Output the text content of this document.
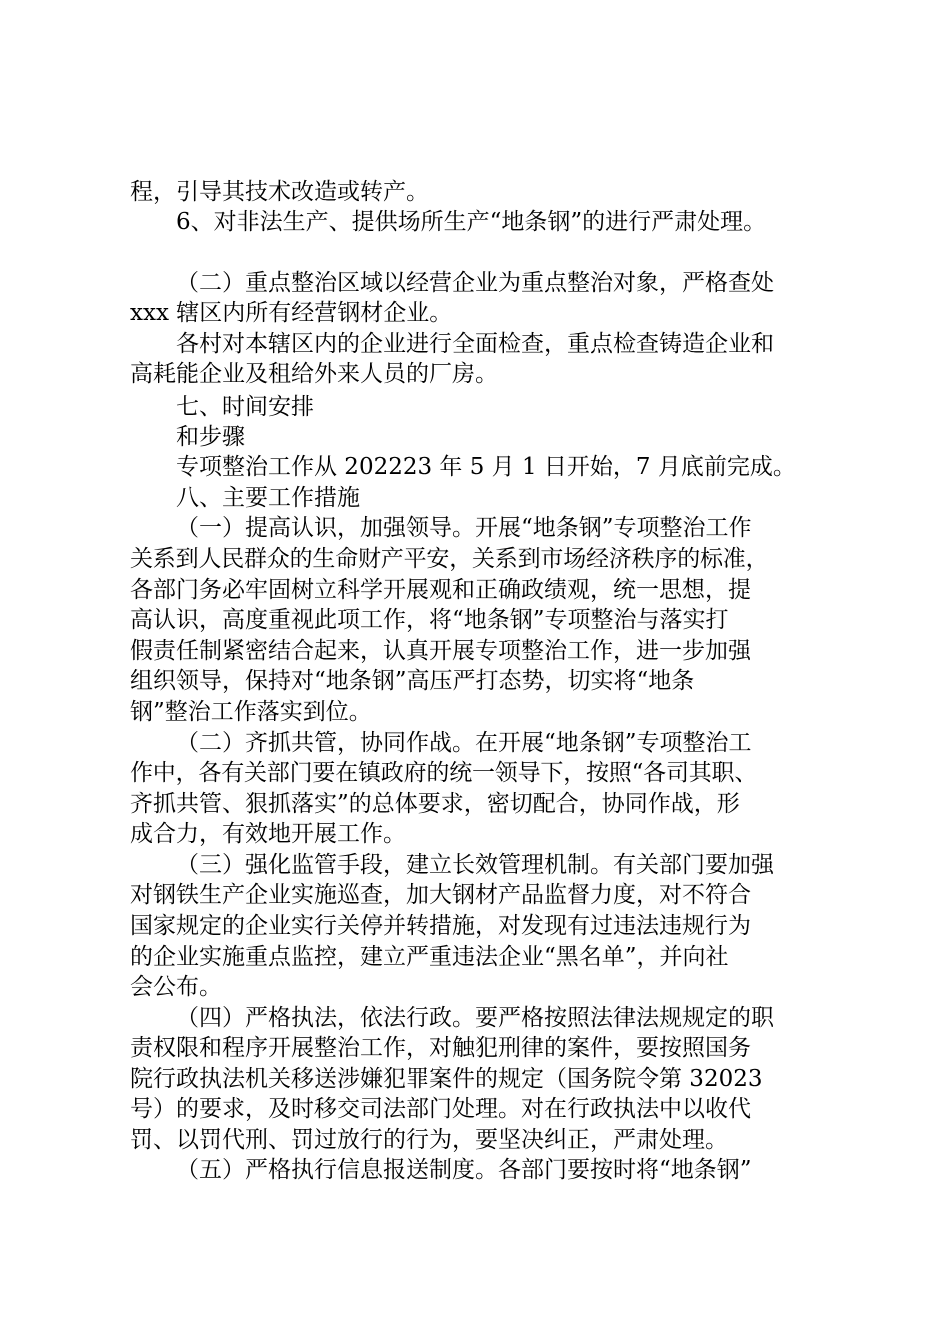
程，引导其技术改造或转产。
6、对非法生产、提供场所生产“地条钢”的进行严肃处理。
（二）重点整治区域以经营企业为重点整治对象，严格查处
xxx 辖区内所有经营钢材企业。
各村对本辖区内的企业进行全面检查，重点检查铸造企业和
高耗能企业及租给外来人员的厂房。
七、时间安排
和步骤
专项整治工作从 202223 年 5 月 1 日开始，7 月底前完成。
八、主要工作措施
（一）提高认识，加强领导。开展“地条钢”专项整治工作
关系到人民群众的生命财产平安，关系到市场经济秩序的标准，
各部门务必牢固树立科学开展观和正确政绩观，统一思想，提
高认识，高度重视此项工作，将“地条钢”专项整治与落实打
假责任制紧密结合起来，认真开展专项整治工作，进一步加强
组织领导，保持对“地条钢”高压严打态势，切实将“地条
钢”整治工作落实到位。
（二）齐抓共管，协同作战。在开展“地条钢”专项整治工
作中，各有关部门要在镇政府的统一领导下，按照“各司其职、
齐抓共管、狠抓落实”的总体要求，密切配合，协同作战，形
成合力，有效地开展工作。
（三）强化监管手段，建立长效管理机制。有关部门要加强
对钢铁生产企业实施巡查，加大钢材产品监督力度，对不符合
国家规定的企业实行关停并转措施，对发现有过违法违规行为
的企业实施重点监控，建立严重违法企业“黑名单”，并向社
会公布。
（四）严格执法，依法行政。要严格按照法律法规规定的职
责权限和程序开展整治工作，对触犯刑律的案件，要按照国务
院行政执法机关移送涉嫌犯罪案件的规定（国务院令第 32023
号）的要求，及时移交司法部门处理。对在行政执法中以收代
罚、以罚代刑、罚过放行的行为，要坚决纠正，严肃处理。
（五）严格执行信息报送制度。各部门要按时将“地条钢”
